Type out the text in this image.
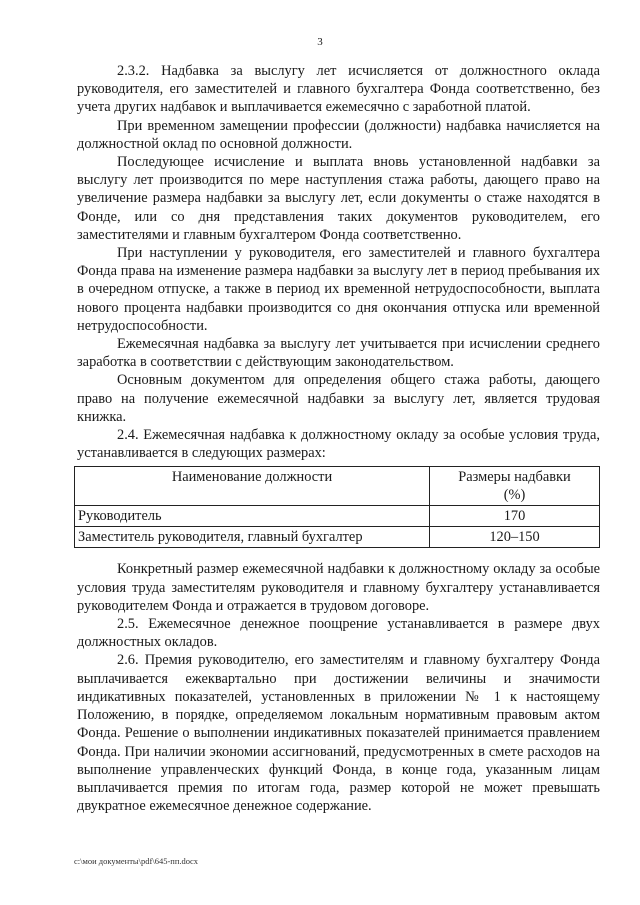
3

2.3.2. Надбавка за выслугу лет исчисляется от должностного оклада руководителя, его заместителей и главного бухгалтера Фонда соответственно, без учета других надбавок и выплачивается ежемесячно с заработной платой.

При временном замещении профессии (должности) надбавка начисляется на должностной оклад по основной должности.

Последующее исчисление и выплата вновь установленной надбавки за выслугу лет производится по мере наступления стажа работы, дающего право на увеличение размера надбавки за выслугу лет, если документы о стаже находятся в Фонде, или со дня представления таких документов руководителем, его заместителями и главным бухгалтером Фонда соответственно.

При наступлении у руководителя, его заместителей и главного бухгалтера Фонда права на изменение размера надбавки за выслугу лет в период пребывания их в очередном отпуске, а также в период их временной нетрудоспособности, выплата нового процента надбавки производится со дня окончания отпуска или временной нетрудоспособности.

Ежемесячная надбавка за выслугу лет учитывается при исчислении среднего заработка в соответствии с действующим законодательством.

Основным документом для определения общего стажа работы, дающего право на получение ежемесячной надбавки за выслугу лет, является трудовая книжка.

2.4. Ежемесячная надбавка к должностному окладу за особые условия труда, устанавливается в следующих размерах:

Наименование должности	Размеры надбавки
(%)

Руководитель	170
Заместитель руководителя, главный бухгалтер	120–150

Конкретный размер ежемесячной надбавки к должностному окладу за особые условия труда заместителям руководителя и главному бухгалтеру устанавливается руководителем Фонда и отражается в трудовом договоре.

2.5. Ежемесячное денежное поощрение устанавливается в размере двух должностных окладов.

2.6. Премия руководителю, его заместителям и главному бухгалтеру Фонда выплачивается ежеквартально при достижении величины и значимости индикативных показателей, установленных в приложении № 1 к настоящему Положению, в порядке, определяемом локальным нормативным правовым актом Фонда. Решение о выполнении индикативных показателей принимается правлением Фонда. При наличии экономии ассигнований, предусмотренных в смете расходов на выполнение управленческих функций Фонда, в конце года, указанным лицам выплачивается премия по итогам года, размер которой не может превышать двукратное ежемесячное денежное содержание.

c:\мои документы\pdf\645-пп.docx
